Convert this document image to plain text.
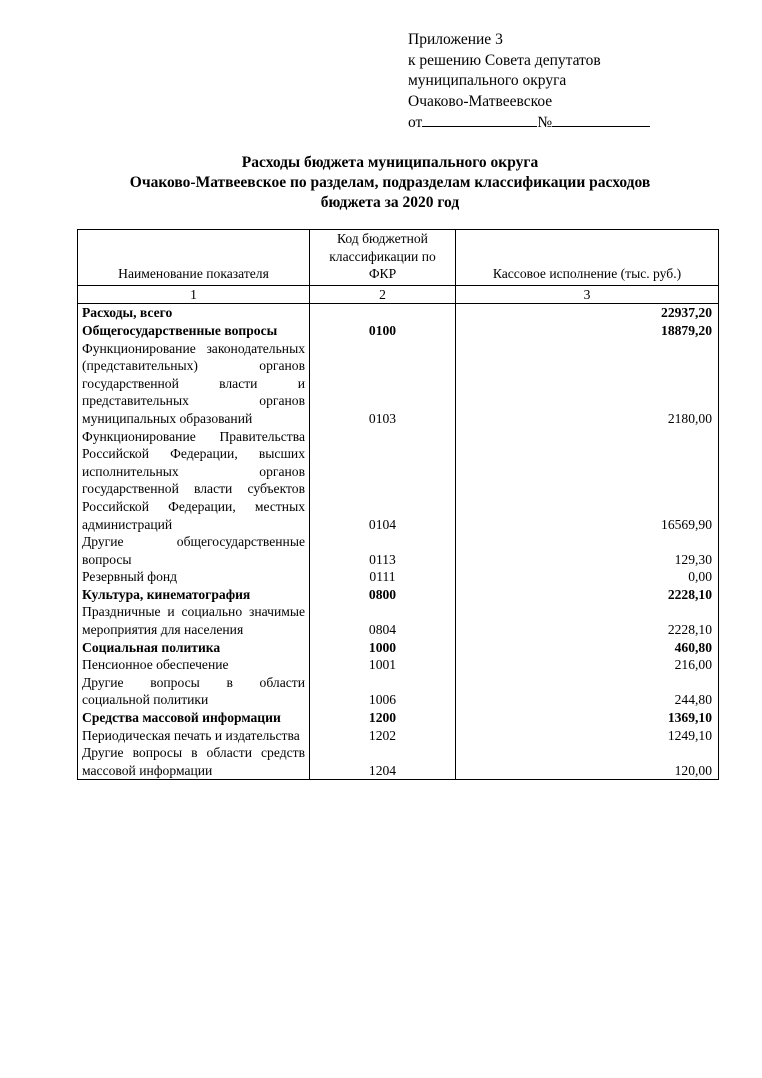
Приложение 3
к решению Совета депутатов
муниципального округа
Очаково-Матвеевское
от	№
Расходы бюджета муниципального округа
Очаково-Матвеевское по разделам, подразделам классификации расходов
бюджета за 2020 год
Наименование показателя	Код бюджетной классификации по ФКР	Кассовое исполнение (тыс. руб.)
1	2	3
Расходы, всего		22937,20
Общегосударственные вопросы	0100	18879,20
Функционирование законодательных (представительных) органов государственной власти и представительных органов муниципальных образований	0103	2180,00
Функционирование Правительства Российской Федерации, высших исполнительных органов государственной власти субъектов Российской Федерации, местных администраций	0104	16569,90
Другие общегосударственные вопросы	0113	129,30
Резервный фонд	0111	0,00
Культура, кинематография	0800	2228,10
Праздничные и социально значимые мероприятия для населения	0804	2228,10
Социальная политика	1000	460,80
Пенсионное обеспечение	1001	216,00
Другие вопросы в области социальной политики	1006	244,80
Средства массовой информации	1200	1369,10
Периодическая печать и издательства	1202	1249,10
Другие вопросы в области средств массовой информации	1204	120,00
